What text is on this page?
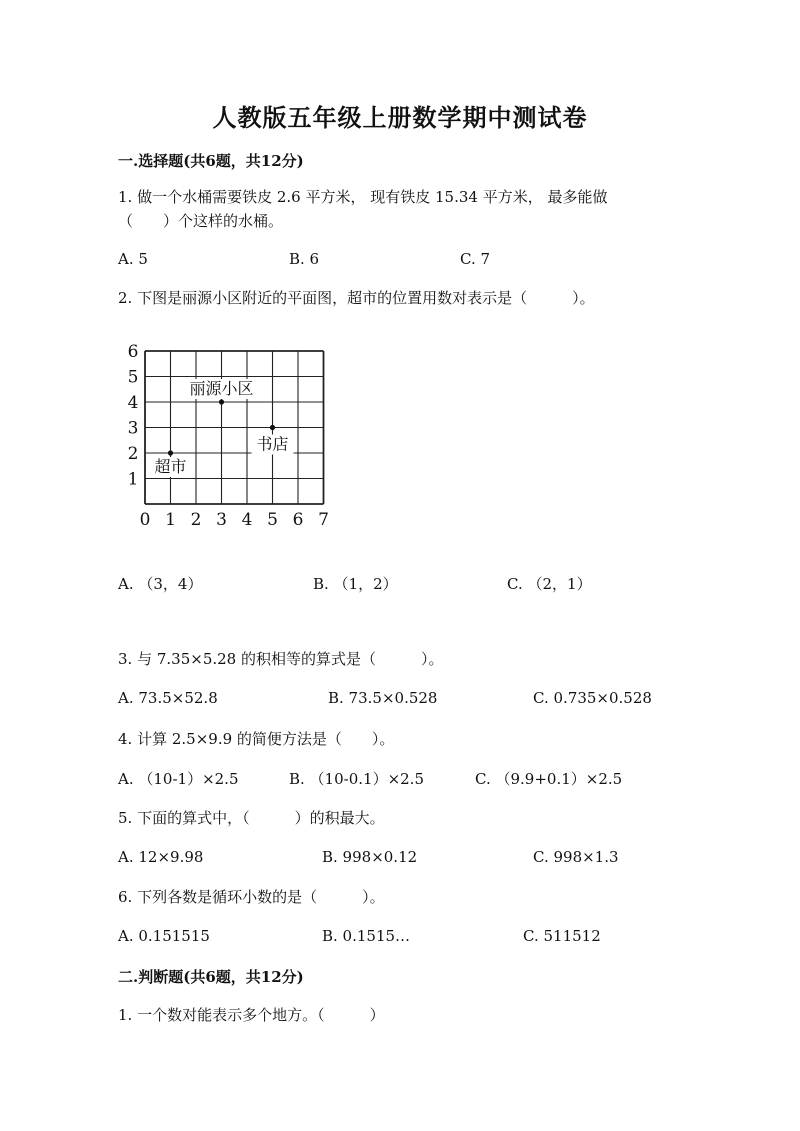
人教版五年级上册数学期中测试卷
一.选择题(共6题，共12分)
1. 做一个水桶需要铁皮 2.6 平方米， 现有铁皮 15.34 平方米， 最多能做
（　　）个这样的水桶。
A. 5	B. 6	C. 7
2. 下图是丽源小区附近的平面图，超市的位置用数对表示是（　　　）。
0 1 2 3 4 5 6 7
1
2
3
4
5
6
丽源小区
超市
书店
A. （3，4）	B. （1，2）	C. （2，1）
3. 与 7.35×5.28 的积相等的算式是（　　　）。
A. 73.5×52.8	B. 73.5×0.528	C. 0.735×0.528
4. 计算 2.5×9.9 的简便方法是（　　）。
A. （10-1）×2.5	B. （10-0.1）×2.5	C. （9.9+0.1）×2.5
5. 下面的算式中，（　　　）的积最大。
A. 12×9.98	B. 998×0.12	C. 998×1.3
6. 下列各数是循环小数的是（　　　）。
A. 0.151515	B. 0.1515…	C. 511512
二.判断题(共6题，共12分)
1. 一个数对能表示多个地方。（　　　）
